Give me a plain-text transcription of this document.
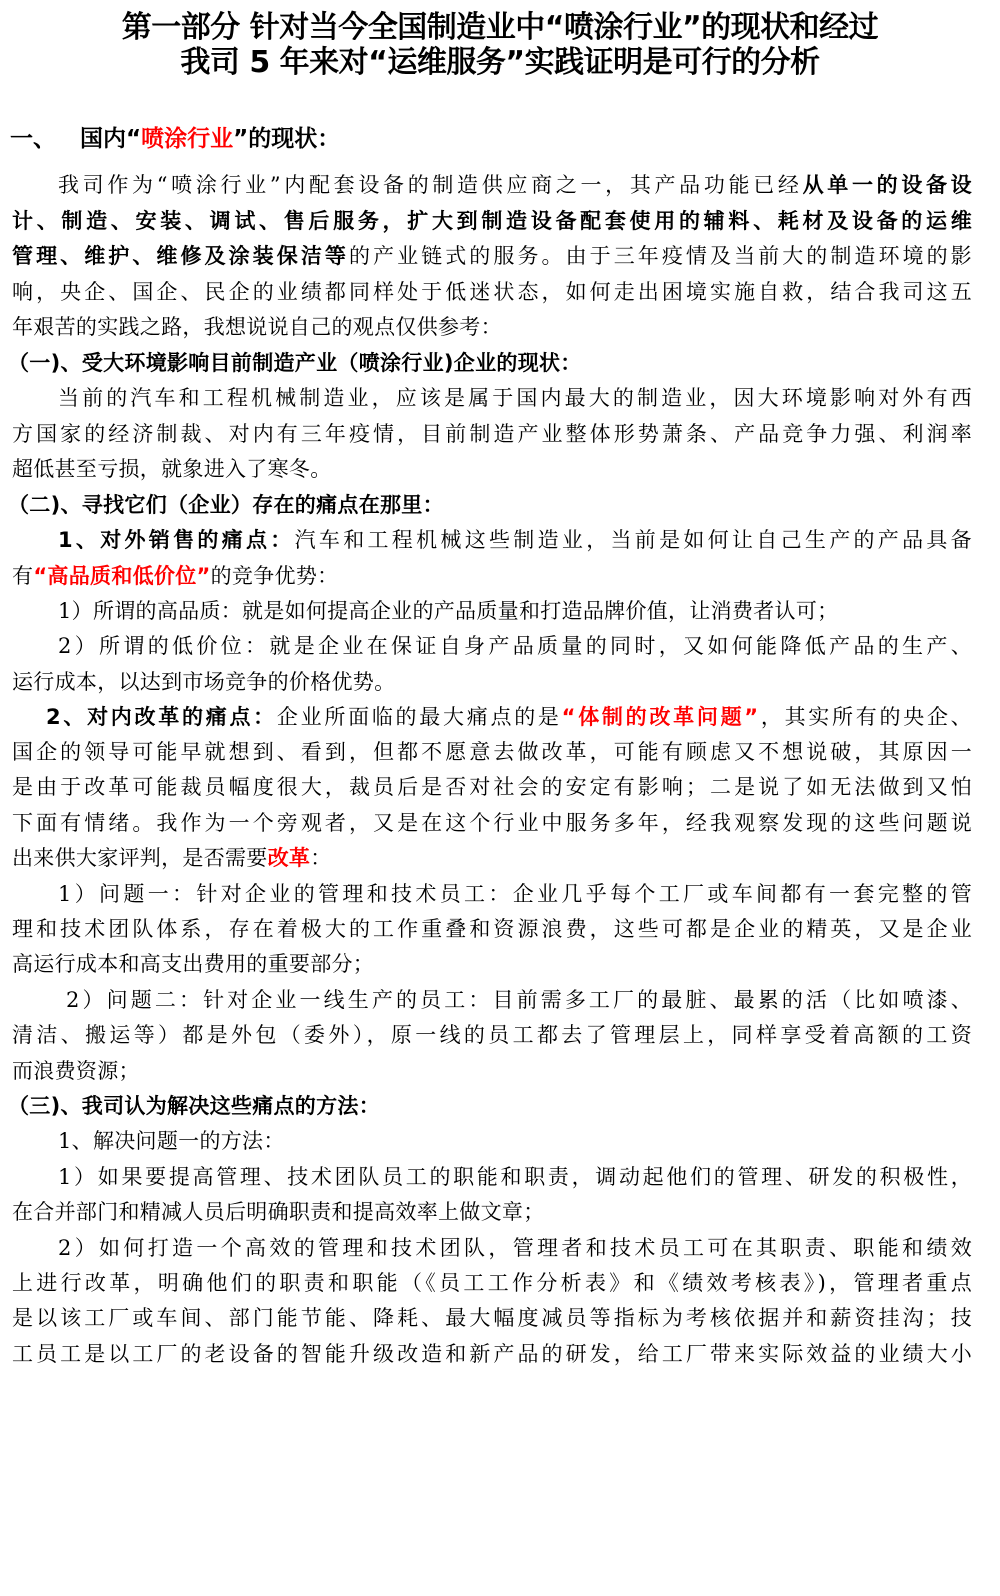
第一部分 针对当今全国制造业中“喷涂行业”的现状和经过
我司 5 年来对“运维服务”实践证明是可行的分析
一、 国内“喷涂行业”的现状：
我司作为“喷涂行业”内配套设备的制造供应商之一，其产品功能已经从单一的设备设
计、制造、安装、调试、售后服务，扩大到制造设备配套使用的辅料、耗材及设备的运维
管理、维护、维修及涂装保洁等的产业链式的服务。由于三年疫情及当前大的制造环境的影
响，央企、国企、民企的业绩都同样处于低迷状态，如何走出困境实施自救，结合我司这五
年艰苦的实践之路，我想说说自己的观点仅供参考：
（一)、受大环境影响目前制造产业（喷涂行业)企业的现状：
当前的汽车和工程机械制造业，应该是属于国内最大的制造业，因大环境影响对外有西
方国家的经济制裁、对内有三年疫情，目前制造产业整体形势萧条、产品竞争力强、利润率
超低甚至亏损，就象进入了寒冬。
（二)、寻找它们（企业）存在的痛点在那里：
1、对外销售的痛点：汽车和工程机械这些制造业，当前是如何让自己生产的产品具备
有“高品质和低价位”的竞争优势：
1）所谓的高品质：就是如何提高企业的产品质量和打造品牌价值，让消费者认可；
2）所谓的低价位：就是企业在保证自身产品质量的同时，又如何能降低产品的生产、
运行成本，以达到市场竞争的价格优势。
2、对内改革的痛点：企业所面临的最大痛点的是“体制的改革问题”，其实所有的央企、
国企的领导可能早就想到、看到，但都不愿意去做改革，可能有顾虑又不想说破，其原因一
是由于改革可能裁员幅度很大，裁员后是否对社会的安定有影响；二是说了如无法做到又怕
下面有情绪。我作为一个旁观者，又是在这个行业中服务多年，经我观察发现的这些问题说
出来供大家评判，是否需要改革：
1）问题一：针对企业的管理和技术员工：企业几乎每个工厂或车间都有一套完整的管
理和技术团队体系，存在着极大的工作重叠和资源浪费，这些可都是企业的精英，又是企业
高运行成本和高支出费用的重要部分；
2）问题二：针对企业一线生产的员工：目前需多工厂的最脏、最累的活（比如喷漆、
清洁、搬运等）都是外包（委外），原一线的员工都去了管理层上，同样享受着高额的工资
而浪费资源；
（三)、我司认为解决这些痛点的方法：
1、解决问题一的方法：
1）如果要提高管理、技术团队员工的职能和职责，调动起他们的管理、研发的积极性，
在合并部门和精减人员后明确职责和提高效率上做文章；
2）如何打造一个高效的管理和技术团队，管理者和技术员工可在其职责、职能和绩效
上进行改革，明确他们的职责和职能（《员工工作分析表》和《绩效考核表》)，管理者重点
是以该工厂或车间、部门能节能、降耗、最大幅度减员等指标为考核依据并和薪资挂沟；技
工员工是以工厂的老设备的智能升级改造和新产品的研发，给工厂带来实际效益的业绩大小
